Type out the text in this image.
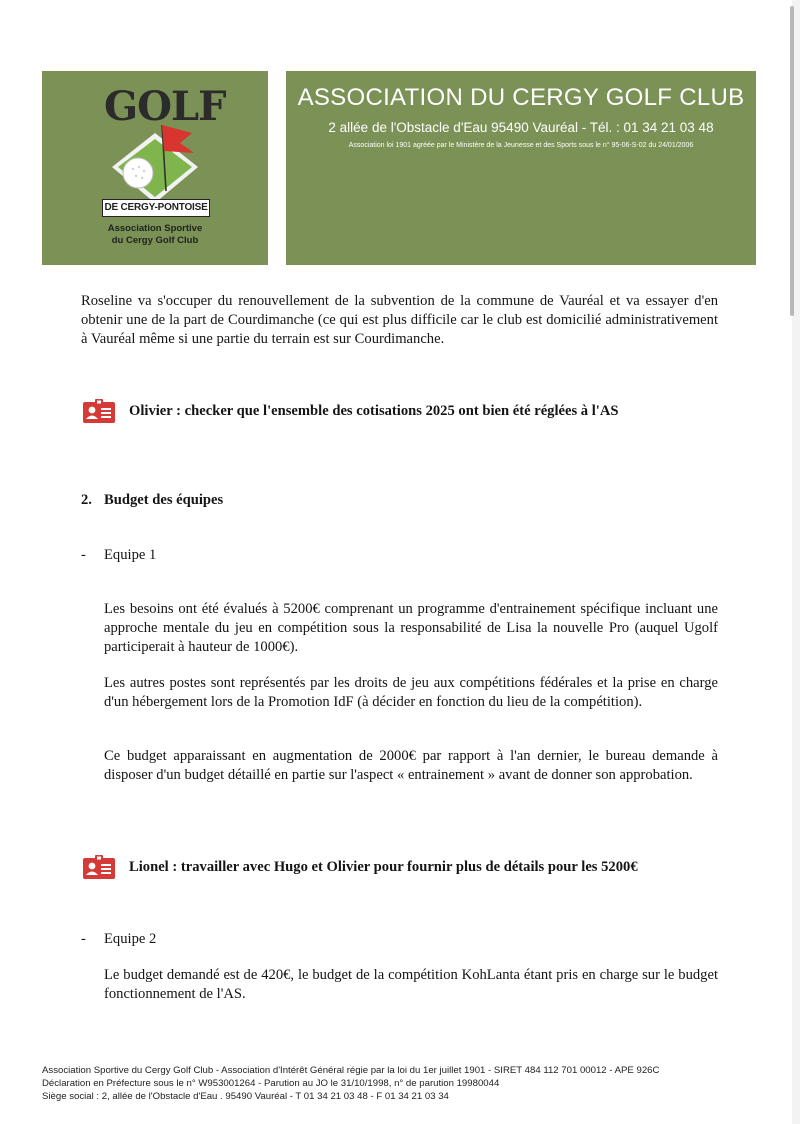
GOLF
DE CERGY-PONTOISE
Association Sportive
du Cergy Golf Club
ASSOCIATION DU CERGY GOLF CLUB
2 allée de l'Obstacle d'Eau 95490 Vauréal - Tél. : 01 34 21 03 48
Association loi 1901 agréée par le Ministère de la Jeunesse et des Sports sous le n° 95-06-S-02 du 24/01/2006
Roseline va s'occuper du renouvellement de la subvention de la commune de Vauréal et va essayer d'en obtenir une de la part de Courdimanche (ce qui est plus difficile car le club est domicilié administrativement à Vauréal même si une partie du terrain est sur Courdimanche.
Olivier : checker que l'ensemble des cotisations 2025 ont bien été réglées à l'AS
2. Budget des équipes
- Equipe 1
Les besoins ont été évalués à 5200€ comprenant un programme d'entrainement spécifique incluant une approche mentale du jeu en compétition sous la responsabilité de Lisa la nouvelle Pro (auquel Ugolf participerait à hauteur de 1000€).
Les autres postes sont représentés par les droits de jeu aux compétitions fédérales et la prise en charge d'un hébergement lors de la Promotion IdF (à décider en fonction du lieu de la compétition).
Ce budget apparaissant en augmentation de 2000€ par rapport à l'an dernier, le bureau demande à disposer d'un budget détaillé en partie sur l'aspect « entrainement » avant de donner son approbation.
Lionel : travailler avec Hugo et Olivier pour fournir plus de détails pour les 5200€
- Equipe 2
Le budget demandé est de 420€, le budget de la compétition KohLanta étant pris en charge sur le budget fonctionnement de l'AS.
Association Sportive du Cergy Golf Club - Association d'Intérêt Général régie par la loi du 1er juillet 1901 - SIRET 484 112 701 00012 - APE 926C
Déclaration en Préfecture sous le n° W953001264 - Parution au JO le 31/10/1998, n° de parution 19980044
Siège social : 2, allée de l'Obstacle d'Eau . 95490 Vauréal - T 01 34 21 03 48 - F 01 34 21 03 34
